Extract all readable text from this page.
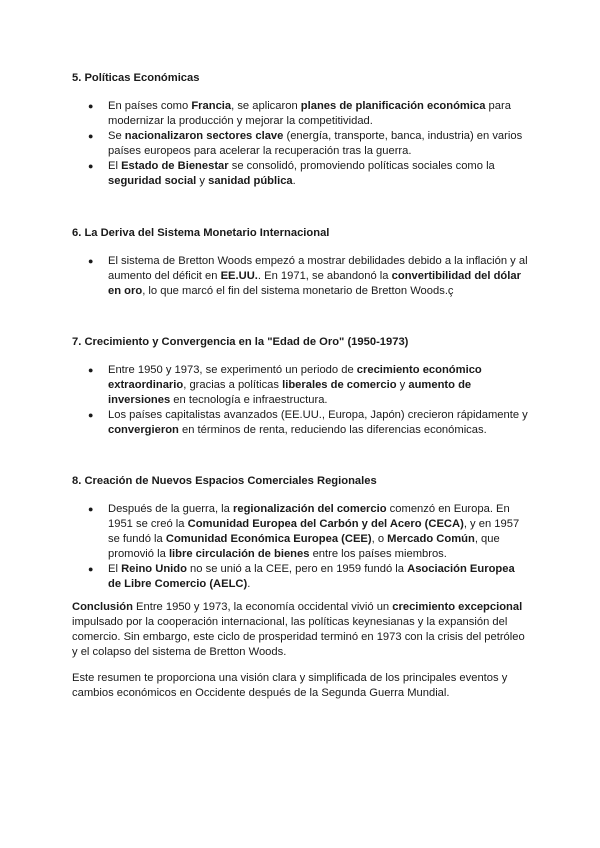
5. Políticas Económicas
● En países como Francia, se aplicaron planes de planificación económica para modernizar la producción y mejorar la competitividad.
● Se nacionalizaron sectores clave (energía, transporte, banca, industria) en varios países europeos para acelerar la recuperación tras la guerra.
● El Estado de Bienestar se consolidó, promoviendo políticas sociales como la seguridad social y sanidad pública.
6. La Deriva del Sistema Monetario Internacional
● El sistema de Bretton Woods empezó a mostrar debilidades debido a la inflación y al aumento del déficit en EE.UU.. En 1971, se abandonó la convertibilidad del dólar en oro, lo que marcó el fin del sistema monetario de Bretton Woods.ç
7. Crecimiento y Convergencia en la "Edad de Oro" (1950-1973)
● Entre 1950 y 1973, se experimentó un periodo de crecimiento económico extraordinario, gracias a políticas liberales de comercio y aumento de inversiones en tecnología e infraestructura.
● Los países capitalistas avanzados (EE.UU., Europa, Japón) crecieron rápidamente y convergieron en términos de renta, reduciendo las diferencias económicas.
8. Creación de Nuevos Espacios Comerciales Regionales
● Después de la guerra, la regionalización del comercio comenzó en Europa. En 1951 se creó la Comunidad Europea del Carbón y del Acero (CECA), y en 1957 se fundó la Comunidad Económica Europea (CEE), o Mercado Común, que promovió la libre circulación de bienes entre los países miembros.
● El Reino Unido no se unió a la CEE, pero en 1959 fundó la Asociación Europea de Libre Comercio (AELC).

Conclusión Entre 1950 y 1973, la economía occidental vivió un crecimiento excepcional impulsado por la cooperación internacional, las políticas keynesianas y la expansión del comercio. Sin embargo, este ciclo de prosperidad terminó en 1973 con la crisis del petróleo y el colapso del sistema de Bretton Woods.

Este resumen te proporciona una visión clara y simplificada de los principales eventos y cambios económicos en Occidente después de la Segunda Guerra Mundial.
